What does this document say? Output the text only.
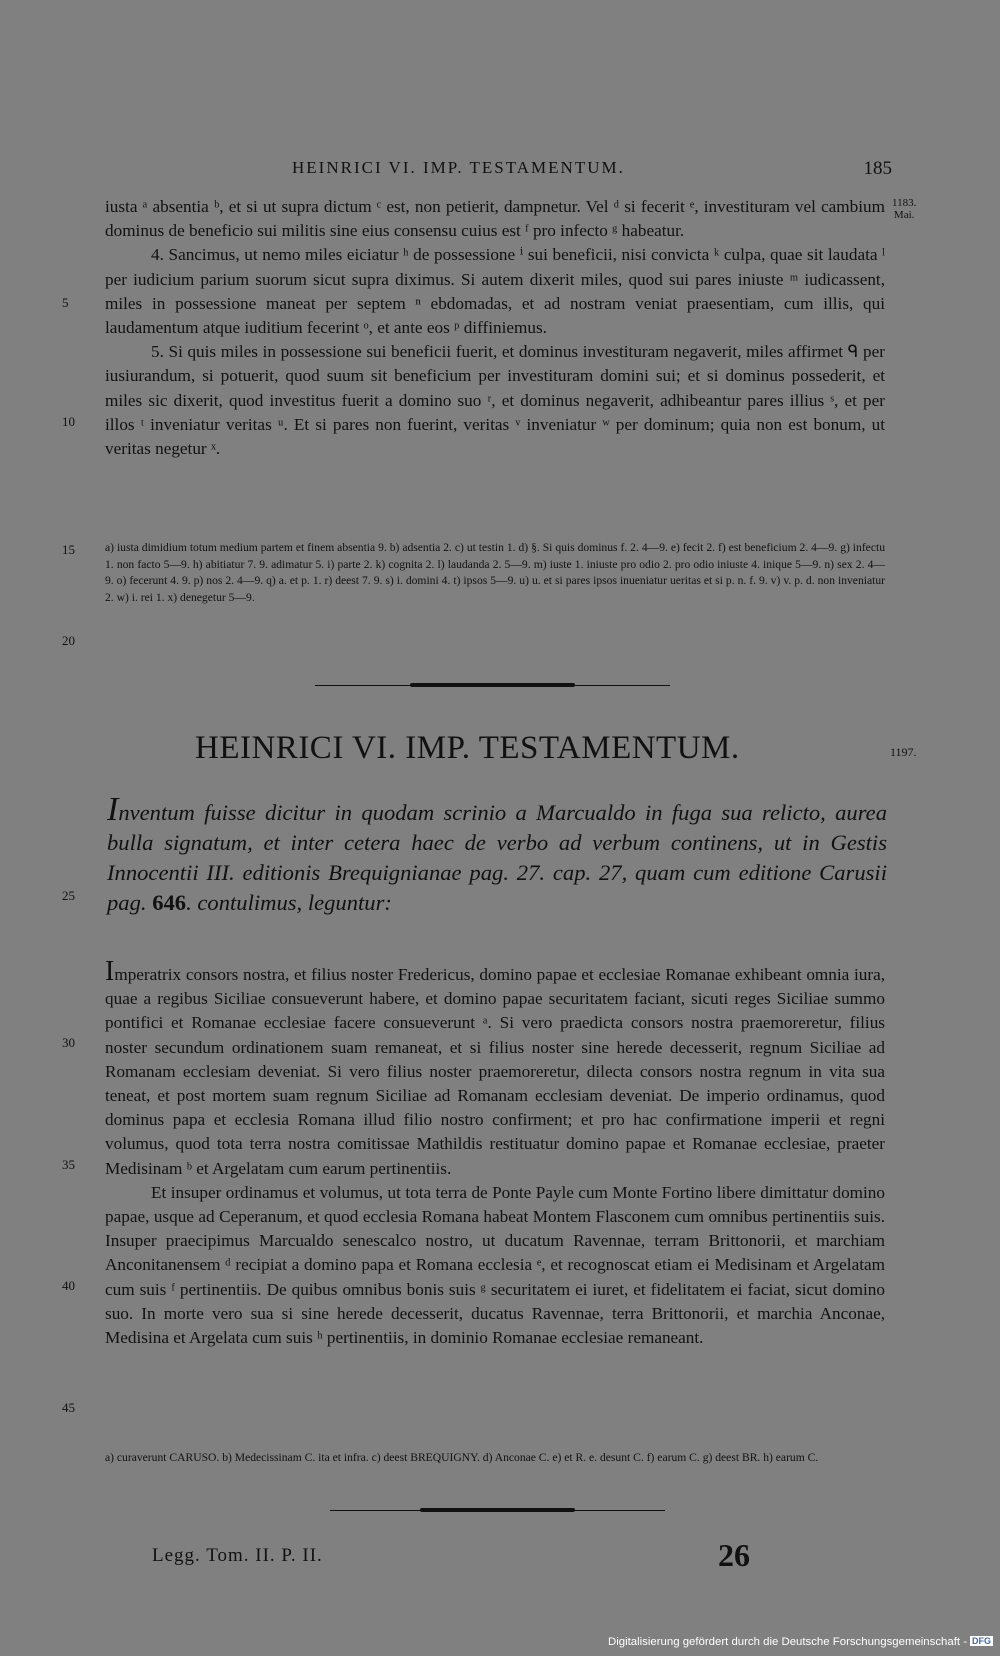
HEINRICI VI. IMP. TESTAMENTUM.	185
1183.
Mai.

iusta ᵃ absentia ᵇ, et si ut supra dictum ᶜ est, non petierit, dampnetur. Vel ᵈ si fecerit ᵉ, investituram vel cambium dominus de beneficio sui militis sine eius consensu cuius est ᶠ pro infecto ᵍ habeatur.

4. Sancimus, ut nemo miles eiciatur ʰ de possessione ⁱ sui beneficii, nisi convicta ᵏ culpa, quae sit laudata ˡ per iudicium parium suorum sicut supra diximus. Si autem dixerit miles, quod sui pares iniuste ᵐ iudicassent, miles in possessione maneat per septem ⁿ ebdomadas, et ad nostram veniat praesentiam, cum illis, qui laudamentum atque iuditium fecerint ᵒ, et ante eos ᵖ diffiniemus.

5. Si quis miles in possessione sui beneficii fuerit, et dominus investituram negaverit, miles affirmet ᑫ per iusiurandum, si potuerit, quod suum sit beneficium per investituram domini sui; et si dominus possederit, et miles sic dixerit, quod investitus fuerit a domino suo ʳ, et dominus negaverit, adhibeantur pares illius ˢ, et per illos ᵗ inveniatur veritas ᵘ. Et si pares non fuerint, veritas ᵛ inveniatur ʷ per dominum; quia non est bonum, ut veritas negetur ˣ.

5
10
15
20

a) iusta dimidium totum medium partem et finem absentia 9. b) adsentia 2. c) ut testin 1. d) §. Si quis dominus f. 2. 4—9. e) fecit 2. f) est beneficium 2. 4—9. g) infectu 1. non facto 5—9. h) abitiatur 7. 9. adimatur 5. i) parte 2. k) cognita 2. l) laudanda 2. 5—9. m) iuste 1. iniuste pro odio 2. pro odio iniuste 4. inique 5—9. n) sex 2. 4—9. o) fecerunt 4. 9. p) nos 2. 4—9. q) a. et p. 1. r) deest 7. 9. s) i. domini 4. t) ipsos 5—9. u) u. et si pares ipsos inueniatur ueritas et si p. n. f. 9. v) v. p. d. non inveniatur 2. w) i. rei 1. x) denegetur 5—9.

HEINRICI VI. IMP. TESTAMENTUM.	1197.
Inventum fuisse dicitur in quodam scrinio a Marcualdo in fuga sua relicto, aurea bulla signatum, et inter cetera haec de verbo ad verbum continens, ut in Gestis Innocentii III. editionis Brequignianae pag. 27. cap. 27, quam cum editione Carusii pag. 646. contulimus, leguntur:
25

Imperatrix consors nostra, et filius noster Fredericus, domino papae et ecclesiae Romanae exhibeant omnia iura, quae a regibus Siciliae consueverunt habere, et domino papae securitatem faciant, sicuti reges Siciliae summo pontifici et Romanae ecclesiae facere consueverunt ᵃ. Si vero praedicta consors nostra praemoreretur, filius noster secundum ordinationem suam remaneat, et si filius noster sine herede decesserit, regnum Siciliae ad Romanam ecclesiam deveniat. Si vero filius noster praemoreretur, dilecta consors nostra regnum in vita sua teneat, et post mortem suam regnum Siciliae ad Romanam ecclesiam deveniat. De imperio ordinamus, quod dominus papa et ecclesia Romana illud filio nostro confirment; et pro hac confirmatione imperii et regni volumus, quod tota terra nostra comitissae Mathildis restituatur domino papae et Romanae ecclesiae, praeter Medisinam ᵇ et Argelatam cum earum pertinentiis.

Et insuper ordinamus et volumus, ut tota terra de Ponte Payle cum Monte Fortino libere dimittatur domino papae, usque ad Ceperanum, et quod ecclesia Romana habeat Montem Flasconem cum omnibus pertinentiis suis. Insuper praecipimus Marcualdo senescalco nostro, ut ducatum Ravennae, terram Brittonorii, et marchiam Anconitanensem ᵈ recipiat a domino papa et Romana ecclesia ᵉ, et recognoscat etiam ei Medisinam et Argelatam cum suis ᶠ pertinentiis. De quibus omnibus bonis suis ᵍ securitatem ei iuret, et fidelitatem ei faciat, sicut domino suo. In morte vero sua si sine herede decesserit, ducatus Ravennae, terra Brittonorii, et marchia Anconae, Medisina et Argelata cum suis ʰ pertinentiis, in dominio Romanae ecclesiae remaneant.

30
35
40
45

a) curaverunt CARUSO. b) Medecissinam C. ita et infra. c) deest BREQUIGNY. d) Anconae C. e) et R. e. desunt C. f) earum C. g) deest BR. h) earum C.

Legg. Tom. II. P. II.	26
Digitalisierung gefördert durch die Deutsche Forschungsgemeinschaft - DFG
